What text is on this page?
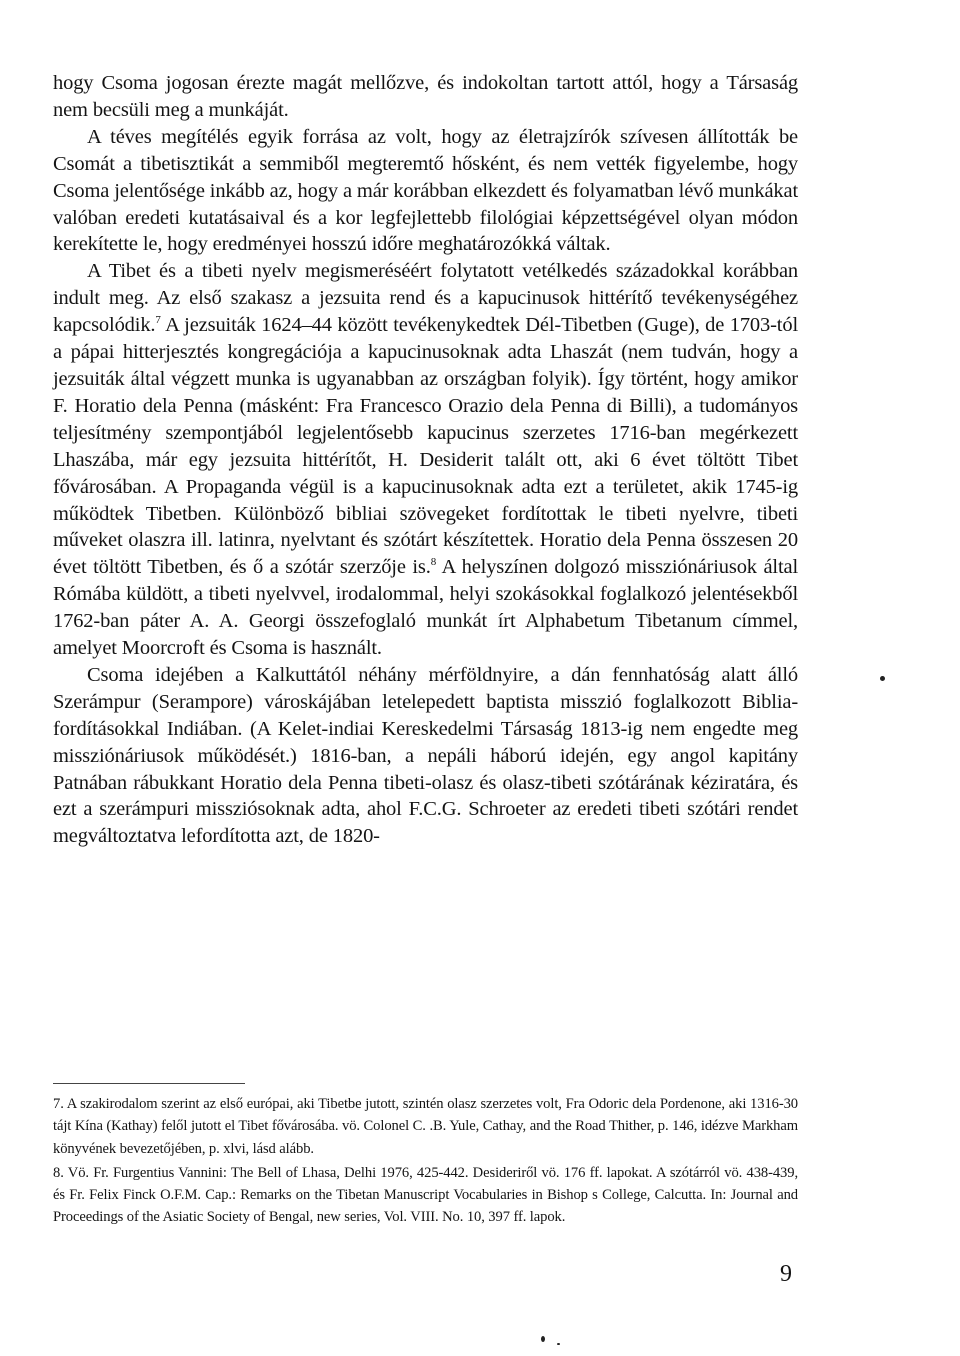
hogy Csoma jogosan érezte magát mellőzve, és indokoltan tartott attól, hogy a Társaság nem becsüli meg a munkáját.

A téves megítélés egyik forrása az volt, hogy az életrajzírók szívesen állították be Csomát a tibetisztikát a semmiből megteremtő hősként, és nem vették figyelembe, hogy Csoma jelentősége inkább az, hogy a már korábban elkezdett és folyamatban lévő munkákat valóban eredeti kutatásaival és a kor legfejlettebb filológiai képzettségével olyan módon kerekítette le, hogy eredményei hosszú időre meghatározókká váltak.

A Tibet és a tibeti nyelv megismeréséért folytatott vetélkedés századokkal korábban indult meg. Az első szakasz a jezsuita rend és a kapucinusok hittérítő tevékenységéhez kapcsolódik.$^7$ A jezsuiták 1624–44 között tevékenykedtek Dél-Tibetben (Guge), de 1703-tól a pápai hitterjesztés kongregációja a kapucinusoknak adta Lhaszát (nem tudván, hogy a jezsuiták által végzett munka is ugyanabban az országban folyik). Így történt, hogy amikor F. Horatio dela Penna (másként: Fra Francesco Orazio dela Penna di Billi), a tudományos teljesítmény szempontjából legjelentősebb kapucinus szerzetes 1716-ban megérkezett Lhaszába, már egy jezsuita hittérítőt, H. Desiderit talált ott, aki 6 évet töltött Tibet fővárosában. A Propaganda végül is a kapucinusoknak adta ezt a területet, akik 1745-ig működtek Tibetben. Különböző bibliai szövegeket fordítottak le tibeti nyelvre, tibeti műveket olaszra ill. latinra, nyelvtant és szótárt készítettek. Horatio dela Penna összesen 20 évet töltött Tibetben, és ő a szótár szerzője is.$^8$ A helyszínen dolgozó missziónáriusok által Rómába küldött, a tibeti nyelvvel, irodalommal, helyi szokásokkal foglalkozó jelentésekből 1762-ban páter A. A. Georgi összefoglaló munkát írt Alphabetum Tibetanum címmel, amelyet Moorcroft és Csoma is használt.

Csoma idejében a Kalkuttától néhány mérföldnyire, a dán fennhatóság alatt álló Szerámpur (Serampore) városkájában letelepedett baptista misszió foglalkozott Biblia-fordításokkal Indiában. (A Kelet-indiai Kereskedelmi Társaság 1813-ig nem engedte meg missziónáriusok működését.) 1816-ban, a nepáli háború idején, egy angol kapitány Patnában rábukkant Horatio dela Penna tibeti-olasz és olasz-tibeti szótárának kéziratára, és ezt a szerámpuri missziósoknak adta, ahol F.C.G. Schroeter az eredeti tibeti szótári rendet megváltoztatva lefordította azt, de 1820-

7. A szakirodalom szerint az első európai, aki Tibetbe jutott, szintén olasz szerzetes volt, Fra Odoric dela Pordenone, aki 1316-30 tájt Kína (Kathay) felől jutott el Tibet fővárosába. vö. Colonel C. .B. Yule, Cathay, and the Road Thither, p. 146, idézve Markham könyvének bevezetőjében, p. xlvi, lásd alább.

8. Vö. Fr. Furgentius Vannini: The Bell of Lhasa, Delhi 1976, 425-442. Desideriről vö. 176 ff. lapokat. A szótárról vö. 438-439, és Fr. Felix Finck O.F.M. Cap.: Remarks on the Tibetan Manuscript Vocabularies in Bishop s College, Calcutta. In: Journal and Proceedings of the Asiatic Society of Bengal, new series, Vol. VIII. No. 10, 397 ff. lapok.

9
